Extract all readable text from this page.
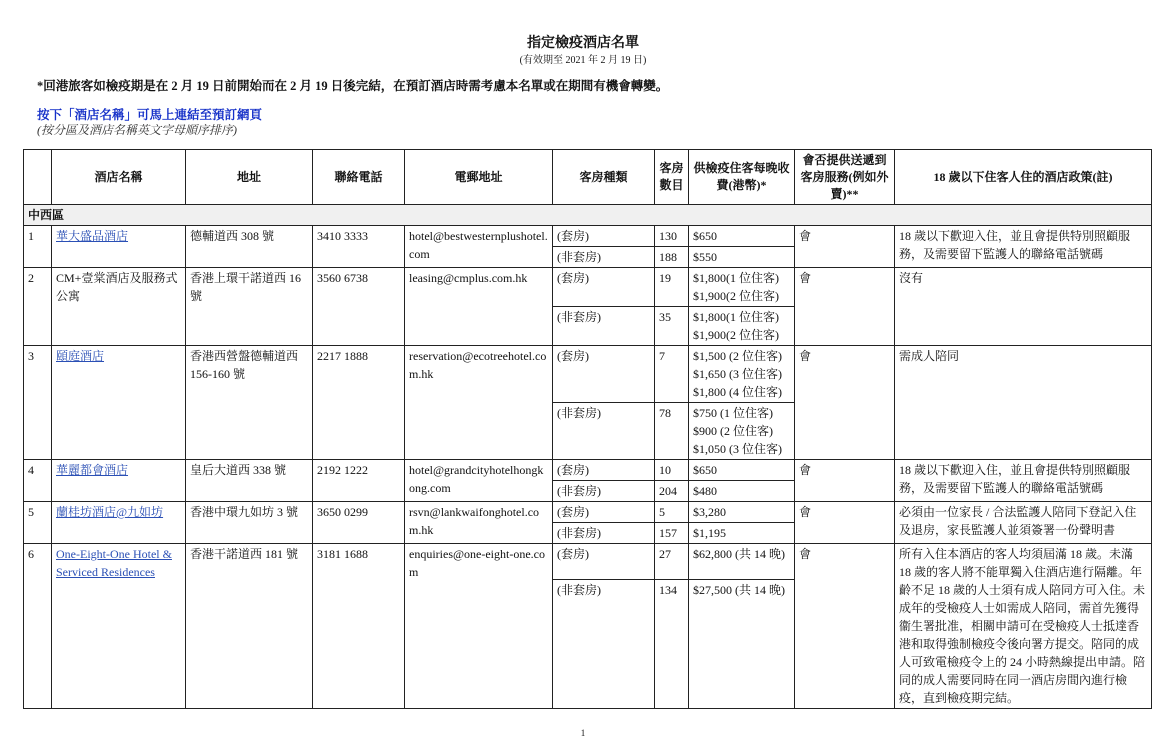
指定檢疫酒店名單
(有效期至 2021 年 2 月 19 日)
*回港旅客如檢疫期是在 2 月 19 日前開始而在 2 月 19 日後完結，在預訂酒店時需考慮本名單或在期間有機會轉變。
按下「酒店名稱」可馬上連結至預訂網頁
(按分區及酒店名稱英文字母順序排序)
	酒店名稱	地址	聯絡電話	電郵地址	客房種類	客房數目	供檢疫住客每晚收費(港幣)*	會否提供送遞到客房服務(例如外賣)**	18 歲以下住客人住的酒店政策(註)
中西區									
1	華大盛品酒店	德輔道西 308 號	3410 3333	hotel@bestwesternplushotel.com	(套房)	130	$650	會	18 歲以下歡迎入住，並且會提供特別照顧服務，及需要留下監護人的聯絡電話號碼
					(非套房)	188	$550		

2	CM+壹棠酒店及服務式公寓	香港上環干諾道西 16 號	3560 6738	leasing@cmplus.com.hk	(套房)	19	$1,800(1 位住客)
$1,900(2 位住客)	會	沒有
					(非套房)	35	$1,800(1 位住客)
$1,900(2 位住客)		

3	頤庭酒店	香港西營盤德輔道西 156-160 號	2217 1888	reservation@ecotreehotel.com.hk	(套房)	7	$1,500 (2 位住客)
$1,650 (3 位住客)
$1,800 (4 位住客)	會	需成人陪同
					(非套房)	78	$750 (1 位住客)
$900 (2 位住客)
$1,050 (3 位住客)		

4	華麗都會酒店	皇后大道西 338 號	2192 1222	hotel@grandcityhotelhongkong.com	(套房)	10	$650	會	18 歲以下歡迎入住，並且會提供特別照顧服務，及需要留下監護人的聯絡電話號碼
					(非套房)	204	$480		

5	蘭桂坊酒店@九如坊	香港中環九如坊 3 號	3650 0299	rsvn@lankwaifonghotel.com.hk	(套房)	5	$3,280	會	必須由一位家長 / 合法監護人陪同下登記入住及退房，家長監護人並須簽署一份聲明書
					(非套房)	157	$1,195		

6	One-Eight-One Hotel & Serviced Residences	香港干諾道西 181 號	3181 1688	enquiries@one-eight-one.com	(套房)	27	$62,800 (共 14 晚)	會	所有入住本酒店的客人均須屆滿 18 歲。未滿 18 歲的客人將不能單獨入住酒店進行隔離。年齡不足 18 歲的人士須有成人陪同方可入住。未成年的受檢疫人士如需成人陪同，需首先獲得衞生署批准，相關申請可在受檢疫人士抵達香港和取得強制檢疫令後向署方提交。陪同的成人可致電檢疫令上的 24 小時熱線提出申請。陪同的成人需要同時在同一酒店房間內進行檢疫，直到檢疫期完結。
					(非套房)	134	$27,500 (共 14 晚)		
1
